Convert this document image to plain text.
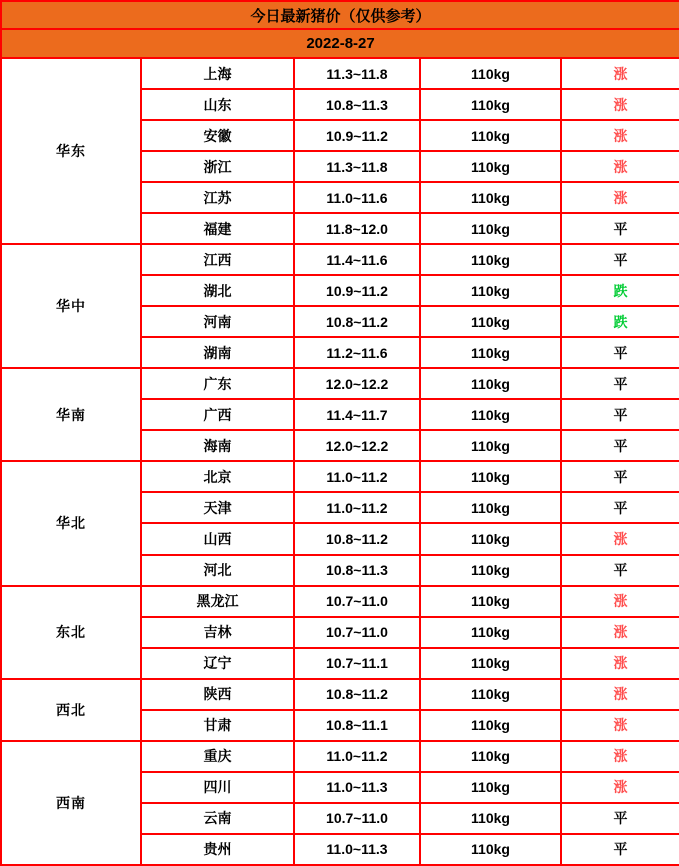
今日最新猪价（仅供参考）				
2022-8-27				
华东	上海	11.3~11.8	110kg	涨
	山东	10.8~11.3	110kg	涨
	安徽	10.9~11.2	110kg	涨
	浙江	11.3~11.8	110kg	涨
	江苏	11.0~11.6	110kg	涨
	福建	11.8~12.0	110kg	平
华中	江西	11.4~11.6	110kg	平
	湖北	10.9~11.2	110kg	跌
	河南	10.8~11.2	110kg	跌
	湖南	11.2~11.6	110kg	平
华南	广东	12.0~12.2	110kg	平
	广西	11.4~11.7	110kg	平
	海南	12.0~12.2	110kg	平
华北	北京	11.0~11.2	110kg	平
	天津	11.0~11.2	110kg	平
	山西	10.8~11.2	110kg	涨
	河北	10.8~11.3	110kg	平
东北	黑龙江	10.7~11.0	110kg	涨
	吉林	10.7~11.0	110kg	涨
	辽宁	10.7~11.1	110kg	涨
西北	陕西	10.8~11.2	110kg	涨
	甘肃	10.8~11.1	110kg	涨
西南	重庆	11.0~11.2	110kg	涨
	四川	11.0~11.3	110kg	涨
	云南	10.7~11.0	110kg	平
	贵州	11.0~11.3	110kg	平
